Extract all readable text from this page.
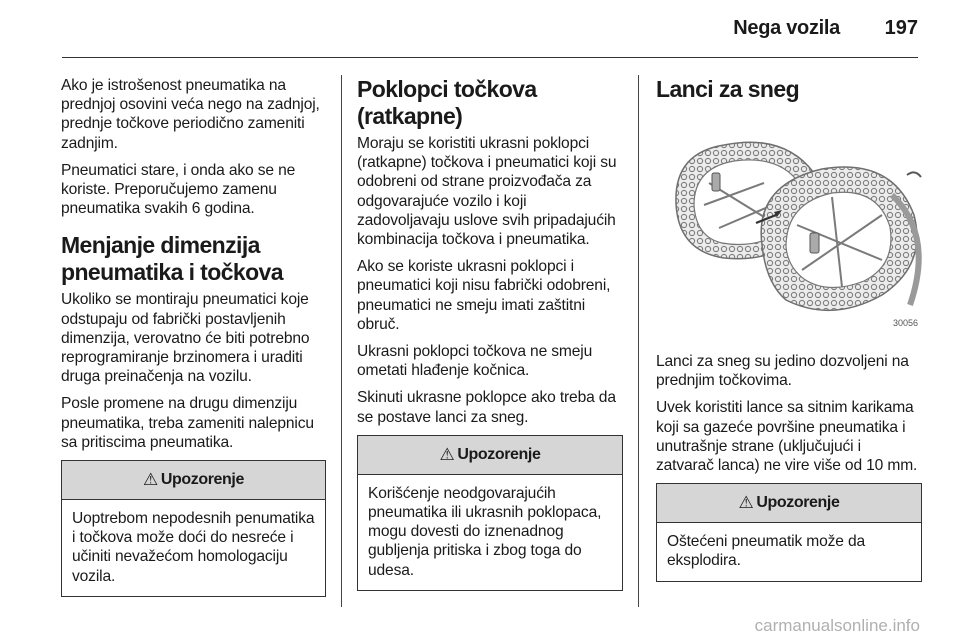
Nega vozila 197

Ako je istrošenost pneumatika na prednjoj osovini veća nego na zadnjoj, prednje točkove periodično zameniti zadnjim.

Pneumatici stare, i onda ako se ne koriste. Preporučujemo zamenu pneumatika svakih 6 godina.

Menjanje dimenzija pneumatika i točkova

Ukoliko se montiraju pneumatici koje odstupaju od fabrički postavljenih dimenzija, verovatno će biti potrebno reprogramiranje brzinomera i uraditi druga preinačenja na vozilu.

Posle promene na drugu dimenziju pneumatika, treba zameniti nalepnicu sa pritiscima pneumatika.

⚠ Upozorenje

Uoptrebom nepodesnih penumatika i točkova može doći do nesreće i učiniti nevažećom homologaciju vozila.

Poklopci točkova (ratkapne)

Moraju se koristiti ukrasni poklopci (ratkapne) točkova i pneumatici koji su odobreni od strane proizvođača za odgovarajuće vozilo i koji zadovoljavaju uslove svih pripadajućih kombinacija točkova i pneumatika.

Ako se koriste ukrasni poklopci i pneumatici koji nisu fabrički odobreni, pneumatici ne smeju imati zaštitni obruč.

Ukrasni poklopci točkova ne smeju ometati hlađenje kočnica.

Skinuti ukrasne poklopce ako treba da se postave lanci za sneg.

⚠ Upozorenje

Korišćenje neodgovarajućih pneumatika ili ukrasnih poklopaca, mogu dovesti do iznenadnog gubljenja pritiska i zbog toga do udesa.

Lanci za sneg
30056

Lanci za sneg su jedino dozvoljeni na prednjim točkovima.

Uvek koristiti lance sa sitnim karikama koji sa gazeće površine pneumatika i unutrašnje strane (uključujući i zatvarač lanca) ne vire više od 10 mm.

⚠ Upozorenje

Oštećeni pneumatik može da eksplodira.

carmanualsonline.info
